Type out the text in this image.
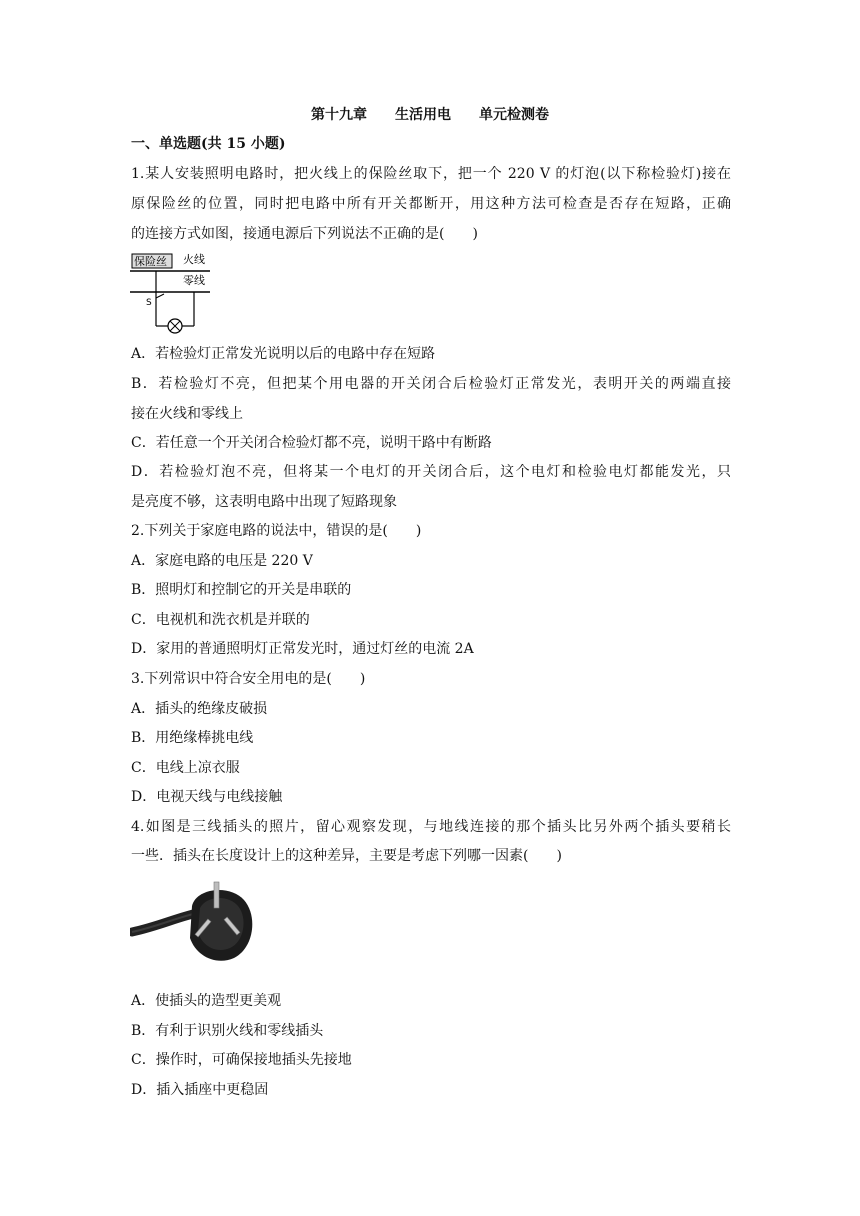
第十九章 生活用电 单元检测卷
一、单选题(共 15 小题)
1.某人安装照明电路时，把火线上的保险丝取下，把一个 220 V 的灯泡(以下称检验灯)接在
原保险丝的位置，同时把电路中所有开关都断开，用这种方法可检查是否存在短路，正确
的连接方式如图，接通电源后下列说法不正确的是(　　)
保险丝 火线
零线
S
A．若检验灯正常发光说明以后的电路中存在短路
B．若检验灯不亮，但把某个用电器的开关闭合后检验灯正常发光，表明开关的两端直接
接在火线和零线上
C．若任意一个开关闭合检验灯都不亮，说明干路中有断路
D．若检验灯泡不亮，但将某一个电灯的开关闭合后，这个电灯和检验电灯都能发光，只
是亮度不够，这表明电路中出现了短路现象
2.下列关于家庭电路的说法中，错误的是(　　)
A．家庭电路的电压是 220 V
B．照明灯和控制它的开关是串联的
C．电视机和洗衣机是并联的
D．家用的普通照明灯正常发光时，通过灯丝的电流 2A
3.下列常识中符合安全用电的是(　　)
A．插头的绝缘皮破损
B．用绝缘棒挑电线
C．电线上凉衣服
D．电视天线与电线接触
4.如图是三线插头的照片，留心观察发现，与地线连接的那个插头比另外两个插头要稍长
一些．插头在长度设计上的这种差异，主要是考虑下列哪一因素(　　)
A．使插头的造型更美观
B．有利于识别火线和零线插头
C．操作时，可确保接地插头先接地
D．插入插座中更稳固
